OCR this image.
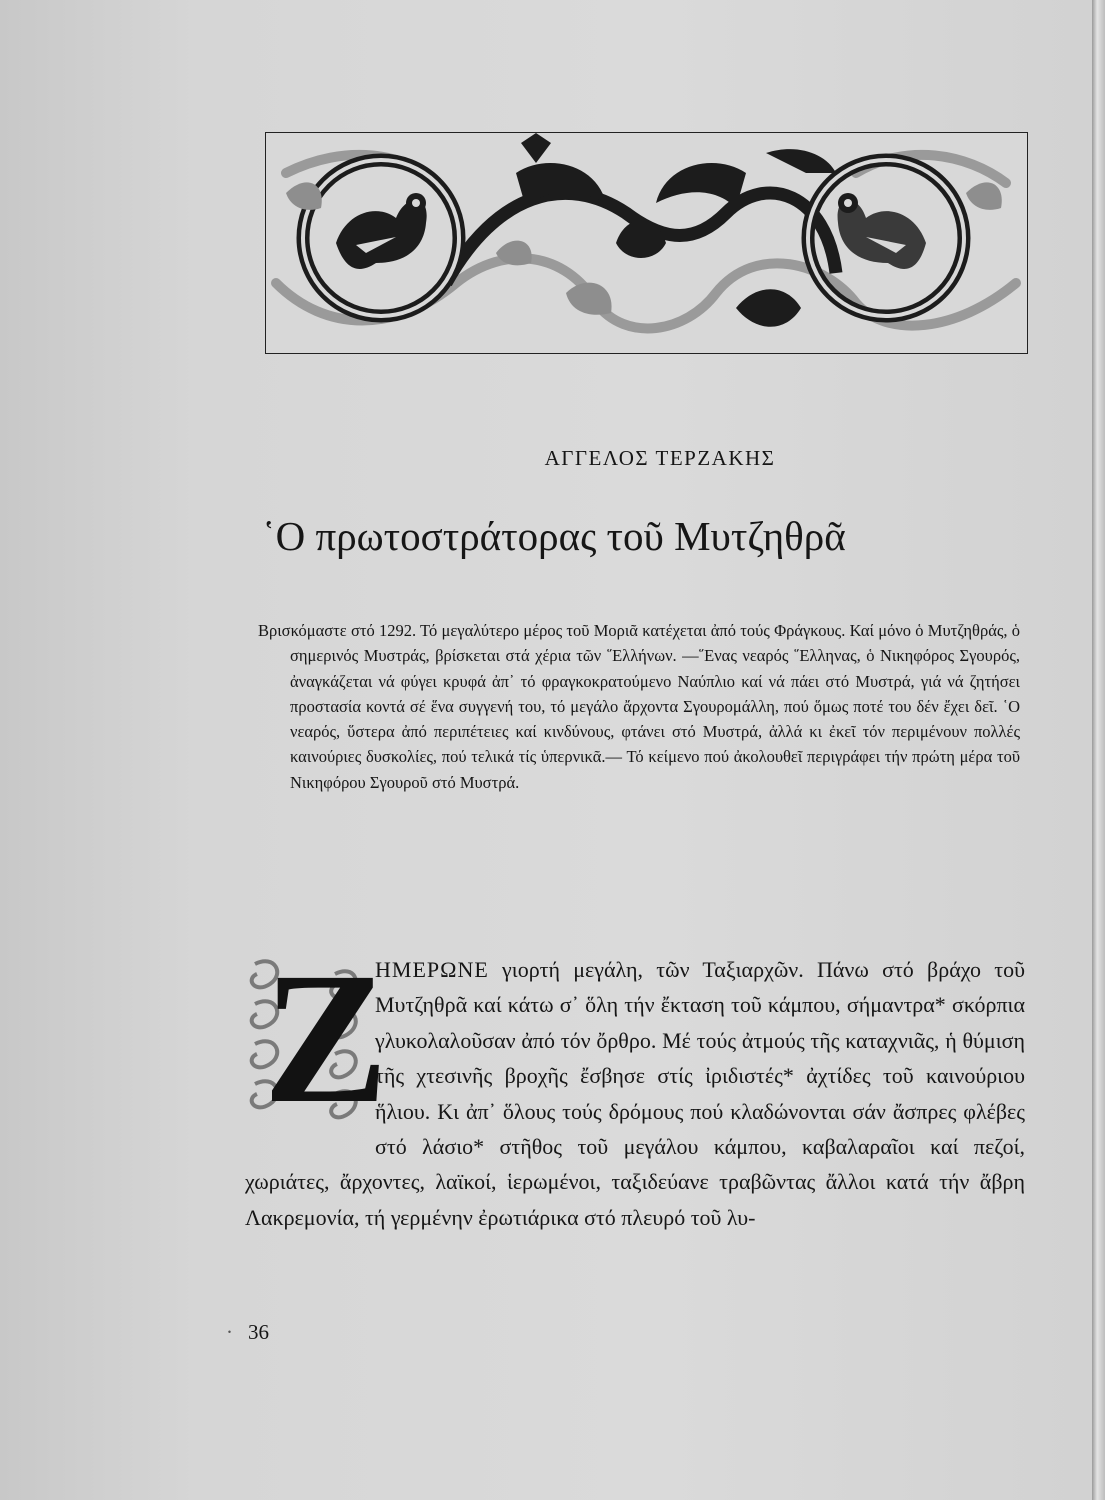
ΑΓΓΕΛΟΣ ΤΕΡΖΑΚΗΣ
῾Ο πρωτοστράτορας τοῦ Μυτζηθρᾶ
Βρισκόμαστε στό 1292. Τό μεγαλύτερο μέρος τοῦ Μοριᾶ κατέχεται ἀπό τούς Φράγκους. Καί μόνο ὁ Μυτζηθράς, ὁ σημερινός Μυστράς, βρίσκεται στά χέρια τῶν ῞Ελλήνων. —῞Ενας νεαρός ῞Ελληνας, ὁ Νικηφόρος Σγουρός, ἀναγκάζεται νά φύγει κρυφά ἀπ᾿ τό φραγκοκρατούμενο Ναύπλιο καί νά πάει στό Μυστρά, γιά νά ζητήσει προστασία κοντά σέ ἕνα συγγενή του, τό μεγάλο ἄρχοντα Σγουρομάλλη, πού ὅμως ποτέ του δέν ἔχει δεῖ. ῾Ο νεαρός, ὕστερα ἀπό περιπέτειες καί κινδύνους, φτάνει στό Μυστρά, ἀλλά κι ἐκεῖ τόν περιμένουν πολλές καινούριες δυσκολίες, πού τελικά τίς ὑπερνικᾶ.— Τό κείμενο πού ἀκολουθεῖ περιγράφει τήν πρώτη μέρα τοῦ Νικηφόρου Σγουροῦ στό Μυστρά.
Ζ
ΗΜΕΡΩΝΕ γιορτή μεγάλη, τῶν Ταξιαρχῶν. Πάνω στό βράχο τοῦ Μυτζηθρᾶ καί κάτω σ᾿ ὅλη τήν ἔκταση τοῦ κάμπου, σήμαντρα* σκόρπια γλυκολαλοῦσαν ἀπό τόν ὄρθρο. Μέ τούς ἀτμούς τῆς καταχνιᾶς, ἡ θύμιση τῆς χτεσινῆς βροχῆς ἔσβησε στίς ἰριδιστές* ἀχτίδες τοῦ καινούριου ἥλιου. Κι ἀπ᾿ ὅλους τούς δρόμους πού κλαδώνονται σάν ἄσπρες φλέβες στό λάσιο* στῆθος τοῦ μεγάλου κάμπου, καβαλαραῖοι καί πεζοί, χωριάτες, ἄρχοντες, λαϊκοί, ἱερωμένοι, ταξιδεύανε τραβῶντας ἄλλοι κατά τήν ἄβρη Λακρεμονία, τή γερμένην ἐρωτιάρικα στό πλευρό τοῦ λυ-
· 36
